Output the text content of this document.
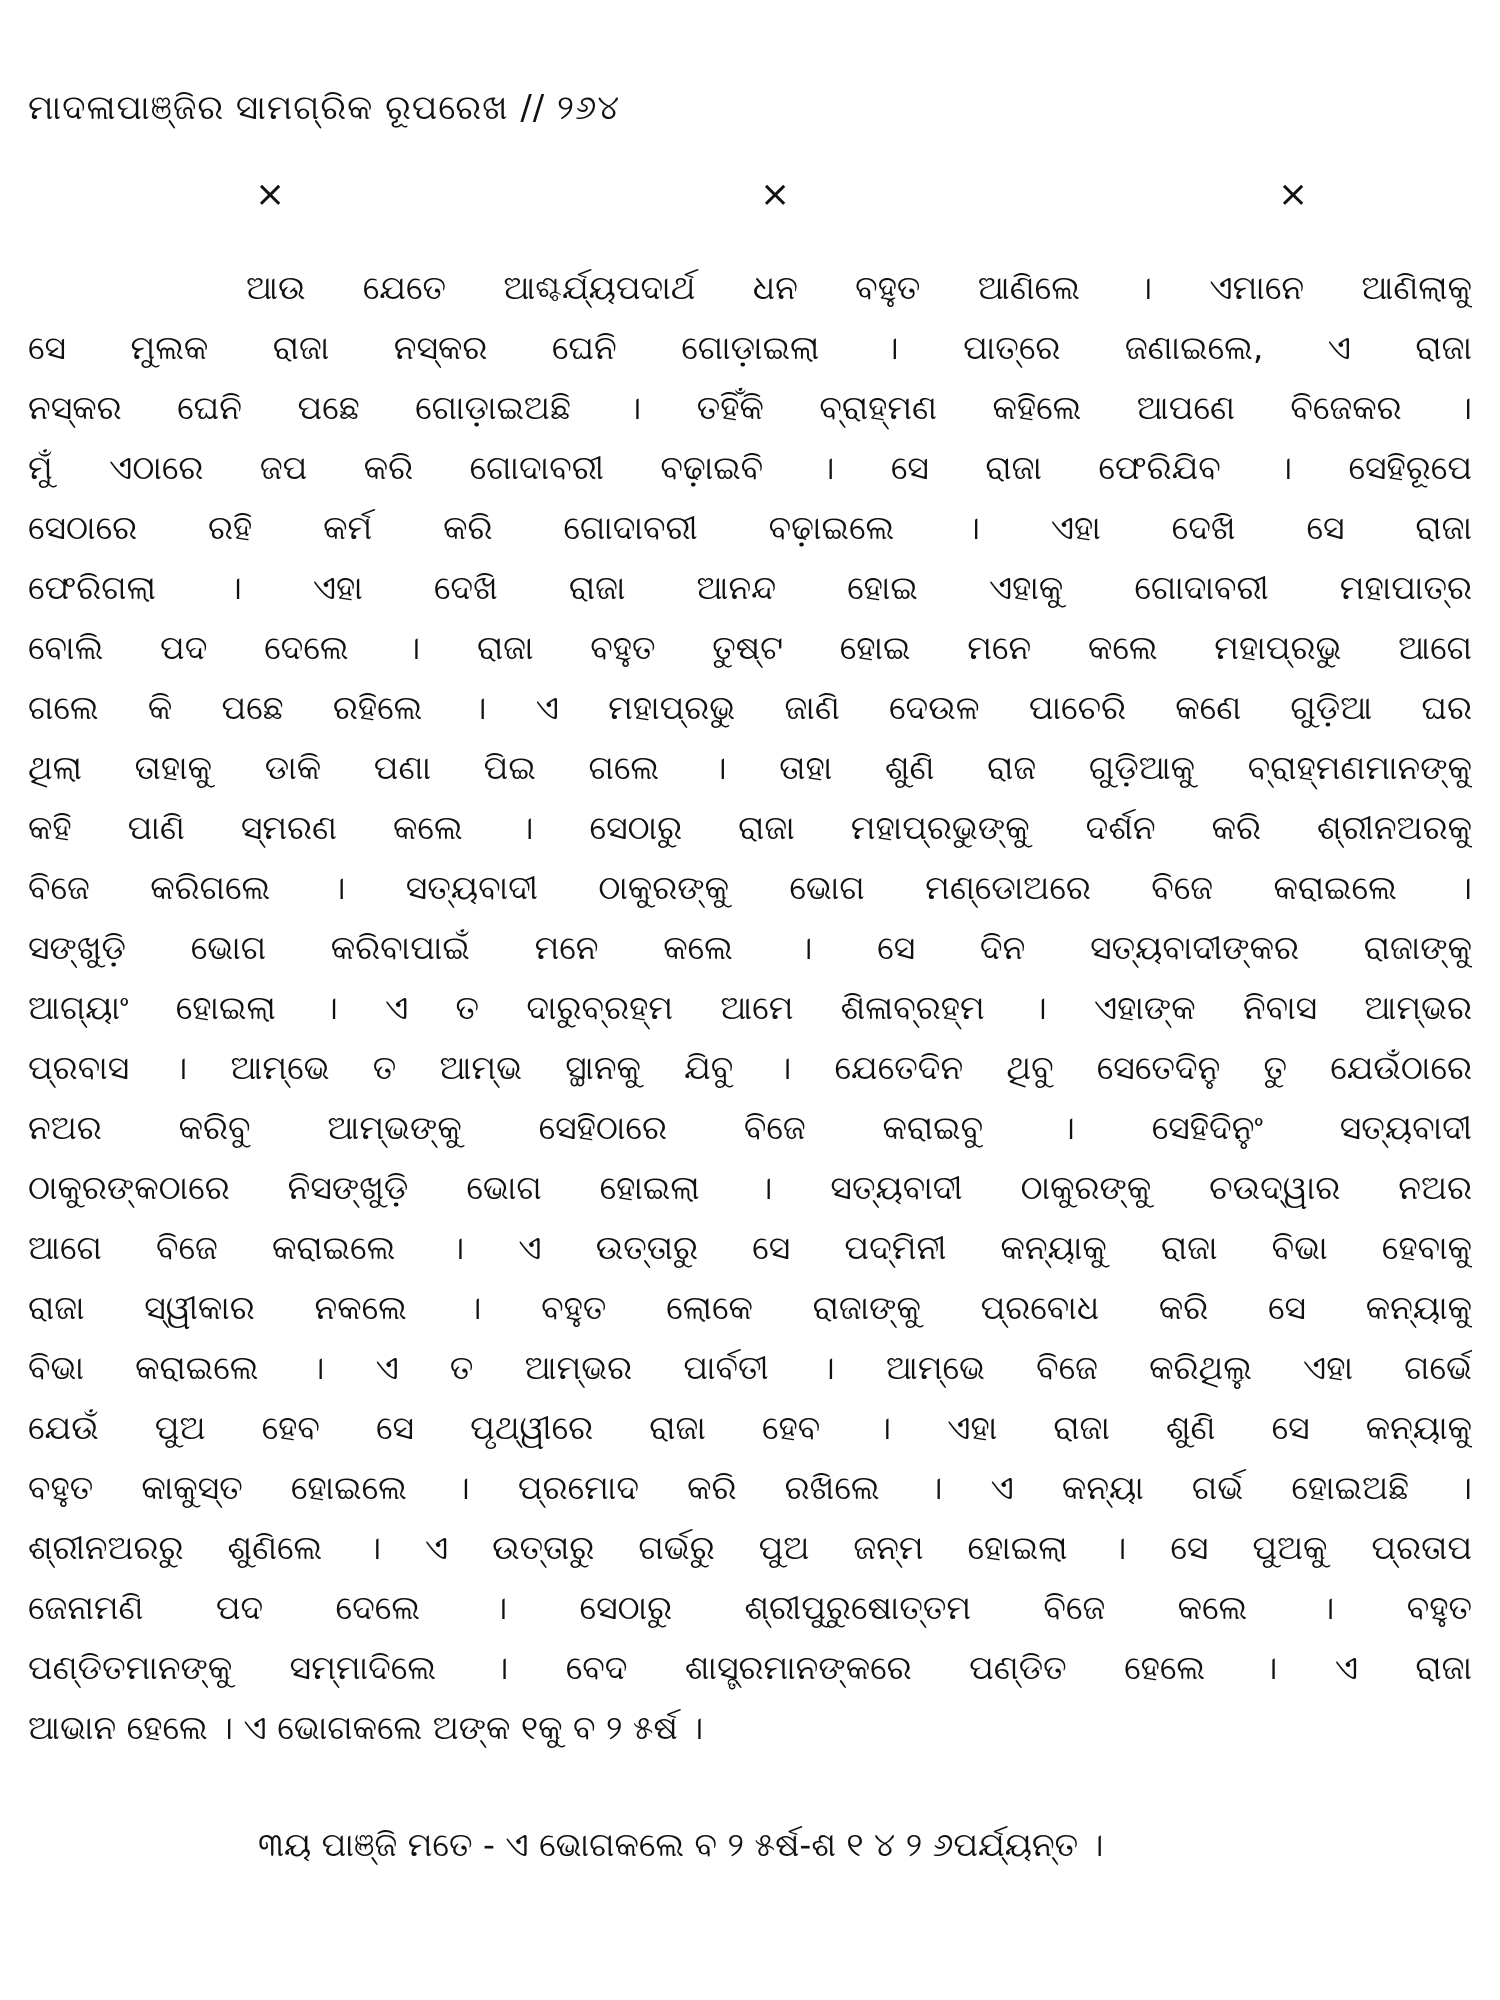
ମାଦଳାପାଞ୍ଜିର ସାମଗ୍ରିକ ରୂପରେଖ // ୨୬୪
×	×	×
ଆଉ ଯେତେ ଆଶ୍ଚର୍ଯ୍ୟପଦାର୍ଥ ଧନ ବହୁତ ଆଣିଲେ । ଏମାନେ ଆଣିଲାକୁ
ସେ ମୁଲକ ରାଜା ନସ୍କର ଘେନି ଗୋଡ଼ାଇଲା । ପାତ୍ରେ ଜଣାଇଲେ, ଏ ରାଜା
ନସ୍କର ଘେନି ପଛେ ଗୋଡ଼ାଇଅଛି । ତହିଁକି ବ୍ରାହ୍ମଣ କହିଲେ ଆପଣେ ବିଜେକର ।
ମୁଁ ଏଠାରେ ଜପ କରି ଗୋଦାବରୀ ବଢ଼ାଇବି । ସେ ରାଜା ଫେରିଯିବ । ସେହିରୂପେ
ସେଠାରେ ରହି କର୍ମ କରି ଗୋଦାବରୀ ବଢ଼ାଇଲେ । ଏହା ଦେଖି ସେ ରାଜା
ଫେରିଗଲା । ଏହା ଦେଖି ରାଜା ଆନନ୍ଦ ହୋଇ ଏହାକୁ ଗୋଦାବରୀ ମହାପାତ୍ର
ବୋଲି ପଦ ଦେଲେ । ରାଜା ବହୁତ ତୁଷ୍ଟ ହୋଇ ମନେ କଲେ ମହାପ୍ରଭୁ ଆଗେ
ଗଲେ କି ପଛେ ରହିଲେ । ଏ ମହାପ୍ରଭୁ ଜାଣି ଦେଉଳ ପାଚେରି କଣେ ଗୁଡ଼ିଆ ଘର
ଥିଲା ତାହାକୁ ଡାକି ପଣା ପିଇ ଗଲେ । ତାହା ଶୁଣି ରାଜ ଗୁଡ଼ିଆକୁ ବ୍ରାହ୍ମଣମାନଙ୍କୁ
କହି ପାଣି ସ୍ମରଣ କଲେ । ସେଠାରୁ ରାଜା ମହାପ୍ରଭୁଙ୍କୁ ଦର୍ଶନ କରି ଶ୍ରୀନଅରକୁ
ବିଜେ କରିଗଲେ । ସତ୍ୟବାଦୀ ଠାକୁରଙ୍କୁ ଭୋଗ ମଣ୍ଡୋଅରେ ବିଜେ କରାଇଲେ ।
ସଙ୍ଖୁଡ଼ି ଭୋଗ କରିବାପାଇଁ ମନେ କଲେ । ସେ ଦିନ ସତ୍ୟବାଦୀଙ୍କର ରାଜାଙ୍କୁ
ଆଗ୍ୟାଂ ହୋଇଲା । ଏ ତ ଦାରୁବ୍ରହ୍ମ ଆମେ ଶିଳାବ୍ରହ୍ମ । ଏହାଙ୍କ ନିବାସ ଆମ୍ଭର
ପ୍ରବାସ । ଆମ୍ଭେ ତ ଆମ୍ଭ ସ୍ଥାନକୁ ଯିବୁ । ଯେତେଦିନ ଥିବୁ ସେତେଦିନୁ ତୁ ଯେଉଁଠାରେ
ନଅର କରିବୁ ଆମ୍ଭଙ୍କୁ ସେହିଠାରେ ବିଜେ କରାଇବୁ । ସେହିଦିନୁଂ ସତ୍ୟବାଦୀ
ଠାକୁରଙ୍କଠାରେ ନିସଙ୍ଖୁଡ଼ି ଭୋଗ ହୋଇଲା । ସତ୍ୟବାଦୀ ଠାକୁରଙ୍କୁ ଚଉଦ୍ୱାର ନଅର
ଆଗେ ବିଜେ କରାଇଲେ । ଏ ଉତ୍ତାରୁ ସେ ପଦ୍ମିନୀ କନ୍ୟାକୁ ରାଜା ବିଭା ହେବାକୁ
ରାଜା ସ୍ୱୀକାର ନକଲେ । ବହୁତ ଲୋକେ ରାଜାଙ୍କୁ ପ୍ରବୋଧ କରି ସେ କନ୍ୟାକୁ
ବିଭା କରାଇଲେ । ଏ ତ ଆମ୍ଭର ପାର୍ବତୀ । ଆମ୍ଭେ ବିଜେ କରିଥିଲୁ ଏହା ଗର୍ଭେ
ଯେଉଁ ପୁଅ ହେବ ସେ ପୃଥ୍ୱୀରେ ରାଜା ହେବ । ଏହା ରାଜା ଶୁଣି ସେ କନ୍ୟାକୁ
ବହୁତ କାକୁସ୍ତ ହୋଇଲେ । ପ୍ରମୋଦ କରି ରଖିଲେ । ଏ କନ୍ୟା ଗର୍ଭ ହୋଇଅଛି ।
ଶ୍ରୀନଅରରୁ ଶୁଣିଲେ । ଏ ଉତ୍ତାରୁ ଗର୍ଭରୁ ପୁଅ ଜନ୍ମ ହୋଇଲା । ସେ ପୁଅକୁ ପ୍ରତାପ
ଜେନାମଣି ପଦ ଦେଲେ । ସେଠାରୁ ଶ୍ରୀପୁରୁଷୋତ୍ତମ ବିଜେ କଲେ । ବହୁତ
ପଣ୍ଡିତମାନଙ୍କୁ ସମ୍ମାଦିଲେ । ବେଦ ଶାସ୍ତ୍ରମାନଙ୍କରେ ପଣ୍ଡିତ ହେଲେ । ଏ ରାଜା
ଆଭାନ ହେଲେ । ଏ ଭୋଗକଲେ ଅଙ୍କ ୧କୁ ବ ୨ ୫ର୍ଷ ।
୩ୟ ପାଞ୍ଜି ମତେ - ଏ ଭୋଗକଲେ ବ ୨ ୫ର୍ଷ-ଶ ୧ ୪ ୨ ୬ପର୍ଯ୍ୟନ୍ତ ।
